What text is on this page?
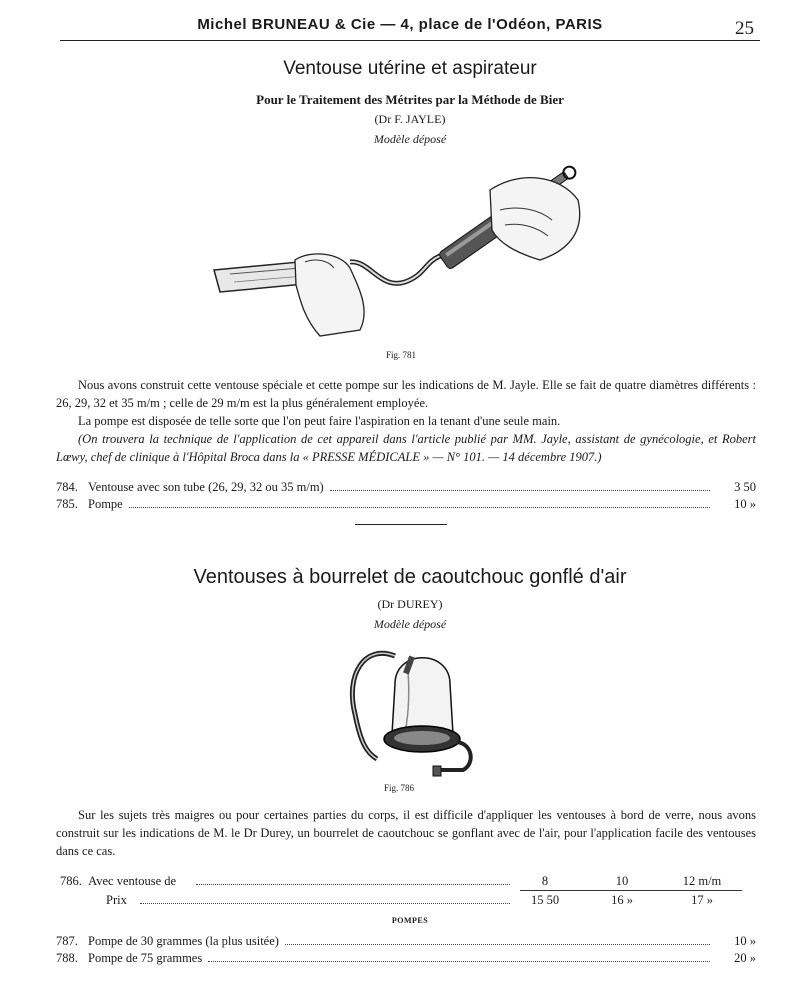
Michel BRUNEAU & Cie — 4, place de l'Odéon, PARIS	25
Ventouse utérine et aspirateur
Pour le Traitement des Métrites par la Méthode de Bier
(Dr F. JAYLE)
Modèle déposé
Fig. 781
Nous avons construit cette ventouse spéciale et cette pompe sur les indications de M. Jayle. Elle se fait de quatre diamètres différents : 26, 29, 32 et 35 m/m ; celle de 29 m/m est la plus généralement employée.
La pompe est disposée de telle sorte que l'on peut faire l'aspiration en la tenant d'une seule main.
(On trouvera la technique de l'application de cet appareil dans l'article publié par MM. Jayle, assistant de gynécologie, et Robert Lœwy, chef de clinique à l'Hôpital Broca dans la « PRESSE MÉDICALE » — N° 101. — 14 décembre 1907.)
784. Ventouse avec son tube (26, 29, 32 ou 35 m/m)	3 50
785. Pompe	10 »
Ventouses à bourrelet de caoutchouc gonflé d'air
(Dr DUREY)
Modèle déposé
Fig. 786
Sur les sujets très maigres ou pour certaines parties du corps, il est difficile d'appliquer les ventouses à bord de verre, nous avons construit sur les indications de M. le Dr Durey, un bourrelet de caoutchouc se gonflant avec de l'air, pour l'application facile des ventouses dans ce cas.
786. Avec ventouse de	8	10	12 m/m
Prix	15 50	16 »	17 »
POMPES
787. Pompe de 30 grammes (la plus usitée)	10 »
788. Pompe de 75 grammes	20 »
